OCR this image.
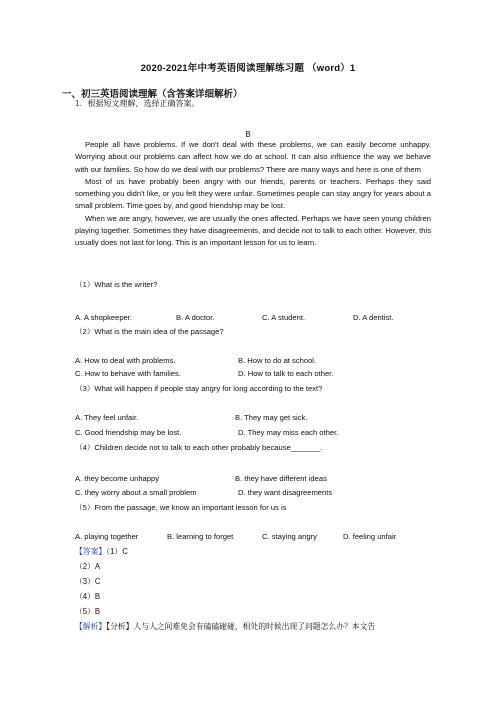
2020-2021年中考英语阅读理解练习题 （word）1
一、初三英语阅读理解（含答案详细解析）
1．根据短文理解，选择正确答案。
B

People all have problems. If we don't deal with these problems, we can easily become unhappy. Worrying about our problems can affect how we do at school. It can also influence the way we behave with our families. So how do we deal with our problems? There are many ways and here is one of them

Most of us have probably been angry with our friends, parents or teachers. Perhaps they said something you didn't like, or you felt they were unfair. Sometimes people can stay angry for years about a small problem. Time goes by, and good friendship may be lost.

When we are angry, however, we are usually the ones affected. Perhaps we have seen young children playing together. Sometimes they have disagreements, and decide not to talk to each other. However, this usually does not last for long. This is an important lesson for us to learn.

（1）What is the writer?
A. A shopkeeper.	B. A doctor.	C. A student.	D. A dentist.
（2）What is the main idea of the passage?
A. How to deal with problems.	B. How to do at school.
C. How to behave with families.	D. How to talk to each other.
（3）What will happen if people stay angry for long according to the text?
A. They feel unfair.	B. They may get sick.
C. Good friendship may be lost.	D. They may miss each other.
（4）Children decide not to talk to each other probably because_______.
A. they become unhappy	B. they have different ideas
C. they worry about a small problem	D. they want disagreements
（5）From the passage, we know an important lesson for us is
A. playing together	B. learning to forget	C. staying angry	D. feeling unfair
【答案】（1）C
（2）A
（3）C
（4）B
（5）B
【解析】【分析】人与人之间难免会有磕磕碰碰，相处的时候出现了问题怎么办？本文告
